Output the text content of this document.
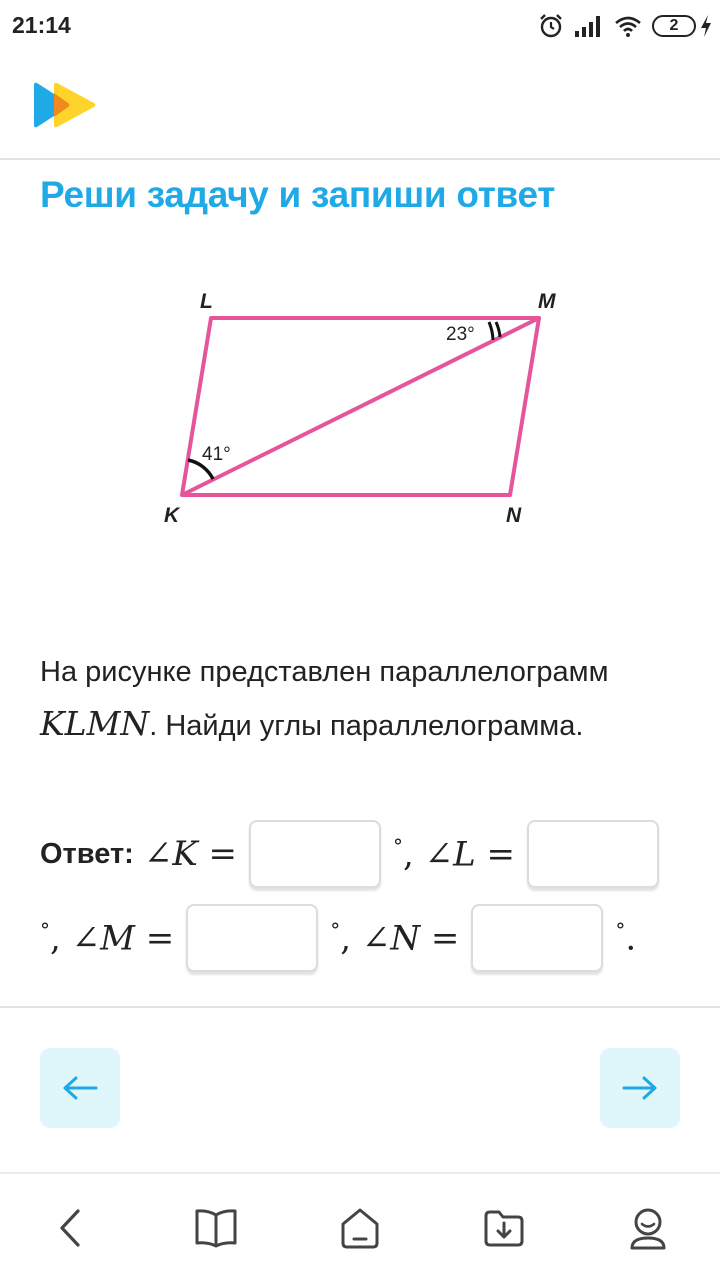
21:14	2
Реши задачу и запиши ответ
L	M
K	N
41°
23°
На рисунке представлен параллелограмм KLMN. Найди углы параллелограмма.
Ответ: ∠K =	°, ∠L =
°, ∠M =	°, ∠N =	°.
